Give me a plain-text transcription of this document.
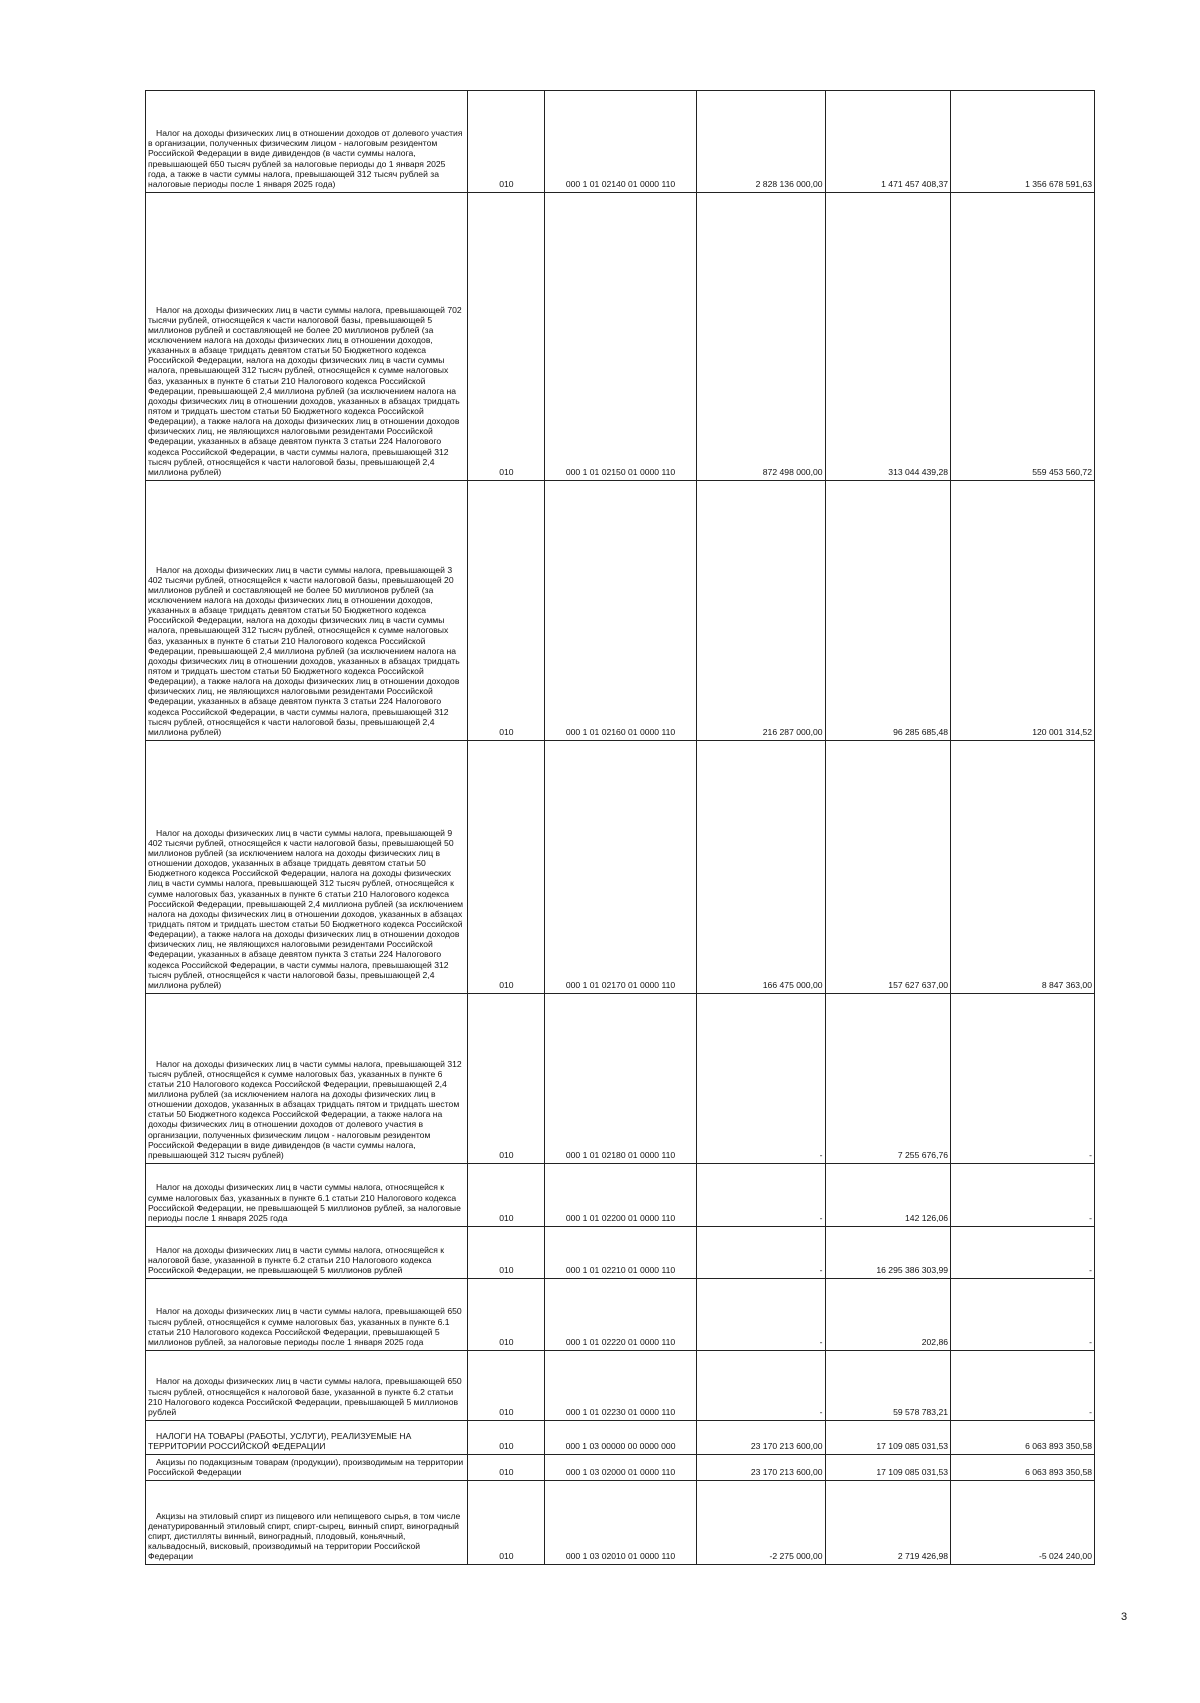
Налог на доходы физических лиц в отношении доходов от долевого участия в организации, полученных физическим лицом - налоговым резидентом Российской Федерации в виде дивидендов (в части суммы налога, превышающей 650 тысяч рублей за налоговые периоды до 1 января 2025 года, а также в части суммы налога, превышающей 312 тысяч рублей за налоговые периоды после 1 января 2025 года)	010	000 1 01 02140 01 0000 110	2 828 136 000,00	1 471 457 408,37	1 356 678 591,63

Налог на доходы физических лиц в части суммы налога, превышающей 702 тысячи рублей, относящейся к части налоговой базы, превышающей 5 миллионов рублей и составляющей не более 20 миллионов рублей (за исключением налога на доходы физических лиц в отношении доходов, указанных в абзаце тридцать девятом статьи 50 Бюджетного кодекса Российской Федерации, налога на доходы физических лиц в части суммы налога, превышающей 312 тысяч рублей, относящейся к сумме налоговых баз, указанных в пункте 6 статьи 210 Налогового кодекса Российской Федерации, превышающей 2,4 миллиона рублей (за исключением налога на доходы физических лиц в отношении доходов, указанных в абзацах тридцать пятом и тридцать шестом статьи 50 Бюджетного кодекса Российской Федерации), а также налога на доходы физических лиц в отношении доходов физических лиц, не являющихся налоговыми резидентами Российской Федерации, указанных в абзаце девятом пункта 3 статьи 224 Налогового кодекса Российской Федерации, в части суммы налога, превышающей 312 тысяч рублей, относящейся к части налоговой базы, превышающей 2,4 миллиона рублей)	010	000 1 01 02150 01 0000 110	872 498 000,00	313 044 439,28	559 453 560,72

Налог на доходы физических лиц в части суммы налога, превышающей 3 402 тысячи рублей, относящейся к части налоговой базы, превышающей 20 миллионов рублей и составляющей не более 50 миллионов рублей (за исключением налога на доходы физических лиц в отношении доходов, указанных в абзаце тридцать девятом статьи 50 Бюджетного кодекса Российской Федерации, налога на доходы физических лиц в части суммы налога, превышающей 312 тысяч рублей, относящейся к сумме налоговых баз, указанных в пункте 6 статьи 210 Налогового кодекса Российской Федерации, превышающей 2,4 миллиона рублей (за исключением налога на доходы физических лиц в отношении доходов, указанных в абзацах тридцать пятом и тридцать шестом статьи 50 Бюджетного кодекса Российской Федерации), а также налога на доходы физических лиц в отношении доходов физических лиц, не являющихся налоговыми резидентами Российской Федерации, указанных в абзаце девятом пункта 3 статьи 224 Налогового кодекса Российской Федерации, в части суммы налога, превышающей 312 тысяч рублей, относящейся к части налоговой базы, превышающей 2,4 миллиона рублей)	010	000 1 01 02160 01 0000 110	216 287 000,00	96 285 685,48	120 001 314,52

Налог на доходы физических лиц в части суммы налога, превышающей 9 402 тысячи рублей, относящейся к части налоговой базы, превышающей 50 миллионов рублей (за исключением налога на доходы физических лиц в отношении доходов, указанных в абзаце тридцать девятом статьи 50 Бюджетного кодекса Российской Федерации, налога на доходы физических лиц в части суммы налога, превышающей 312 тысяч рублей, относящейся к сумме налоговых баз, указанных в пункте 6 статьи 210 Налогового кодекса Российской Федерации, превышающей 2,4 миллиона рублей (за исключением налога на доходы физических лиц в отношении доходов, указанных в абзацах тридцать пятом и тридцать шестом статьи 50 Бюджетного кодекса Российской Федерации), а также налога на доходы физических лиц в отношении доходов физических лиц, не являющихся налоговыми резидентами Российской Федерации, указанных в абзаце девятом пункта 3 статьи 224 Налогового кодекса Российской Федерации, в части суммы налога, превышающей 312 тысяч рублей, относящейся к части налоговой базы, превышающей 2,4 миллиона рублей)	010	000 1 01 02170 01 0000 110	166 475 000,00	157 627 637,00	8 847 363,00

Налог на доходы физических лиц в части суммы налога, превышающей 312 тысяч рублей, относящейся к сумме налоговых баз, указанных в пункте 6 статьи 210 Налогового кодекса Российской Федерации, превышающей 2,4 миллиона рублей (за исключением налога на доходы физических лиц в отношении доходов, указанных в абзацах тридцать пятом и тридцать шестом статьи 50 Бюджетного кодекса Российской Федерации, а также налога на доходы физических лиц в отношении доходов от долевого участия в организации, полученных физическим лицом - налоговым резидентом Российской Федерации в виде дивидендов (в части суммы налога, превышающей 312 тысяч рублей)	010	000 1 01 02180 01 0000 110	-	7 255 676,76	-

Налог на доходы физических лиц в части суммы налога, относящейся к сумме налоговых баз, указанных в пункте 6.1 статьи 210 Налогового кодекса Российской Федерации, не превышающей 5 миллионов рублей, за налоговые периоды после 1 января 2025 года	010	000 1 01 02200 01 0000 110	-	142 126,06	-

Налог на доходы физических лиц в части суммы налога, относящейся к налоговой базе, указанной в пункте 6.2 статьи 210 Налогового кодекса Российской Федерации, не превышающей 5 миллионов рублей	010	000 1 01 02210 01 0000 110	-	16 295 386 303,99	-

Налог на доходы физических лиц в части суммы налога, превышающей 650 тысяч рублей, относящейся к сумме налоговых баз, указанных в пункте 6.1 статьи 210 Налогового кодекса Российской Федерации, превышающей 5 миллионов рублей, за налоговые периоды после 1 января 2025 года	010	000 1 01 02220 01 0000 110	-	202,86	-

Налог на доходы физических лиц в части суммы налога, превышающей 650 тысяч рублей, относящейся к налоговой базе, указанной в пункте 6.2 статьи 210 Налогового кодекса Российской Федерации, превышающей 5 миллионов рублей	010	000 1 01 02230 01 0000 110	-	59 578 783,21	-

НАЛОГИ НА ТОВАРЫ (РАБОТЫ, УСЛУГИ), РЕАЛИЗУЕМЫЕ НА ТЕРРИТОРИИ РОССИЙСКОЙ ФЕДЕРАЦИИ	010	000 1 03 00000 00 0000 000	23 170 213 600,00	17 109 085 031,53	6 063 893 350,58

Акцизы по подакцизным товарам (продукции), производимым на территории Российской Федерации	010	000 1 03 02000 01 0000 110	23 170 213 600,00	17 109 085 031,53	6 063 893 350,58

Акцизы на этиловый спирт из пищевого или непищевого сырья, в том числе денатурированный этиловый спирт, спирт-сырец, винный спирт, виноградный спирт, дистилляты винный, виноградный, плодовый, коньячный, кальвадосный, висковый, производимый на территории Российской Федерации	010	000 1 03 02010 01 0000 110	-2 275 000,00	2 719 426,98	-5 024 240,00
3
